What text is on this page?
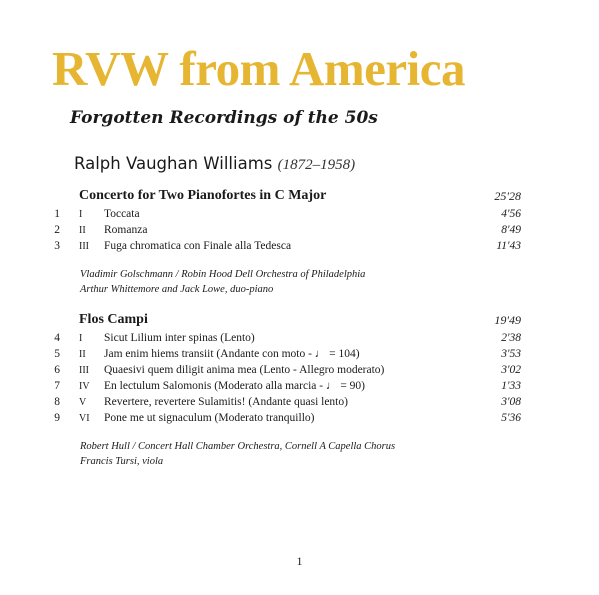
RVW from America
Forgotten Recordings of the 50s
Ralph Vaughan Williams (1872–1958)
Concerto for Two Pianofortes in C Major	25'28
1 I Toccata	4'56
2 II Romanza	8'49
3 III Fuga chromatica con Finale alla Tedesca	11'43
Vladimir Golschmann / Robin Hood Dell Orchestra of Philadelphia
Arthur Whittemore and Jack Lowe, duo-piano
Flos Campi	19'49
4 I Sicut Lilium inter spinas (Lento)	2'38
5 II Jam enim hiems transiit (Andante con moto - ♩ = 104)	3'53
6 III Quaesivi quem diligit anima mea (Lento - Allegro moderato)	3'02
7 IV En lectulum Salomonis (Moderato alla marcia - ♩ = 90)	1'33
8 V Revertere, revertere Sulamitis! (Andante quasi lento)	3'08
9 VI Pone me ut signaculum (Moderato tranquillo)	5'36
Robert Hull / Concert Hall Chamber Orchestra, Cornell A Capella Chorus
Francis Tursi, viola
1
